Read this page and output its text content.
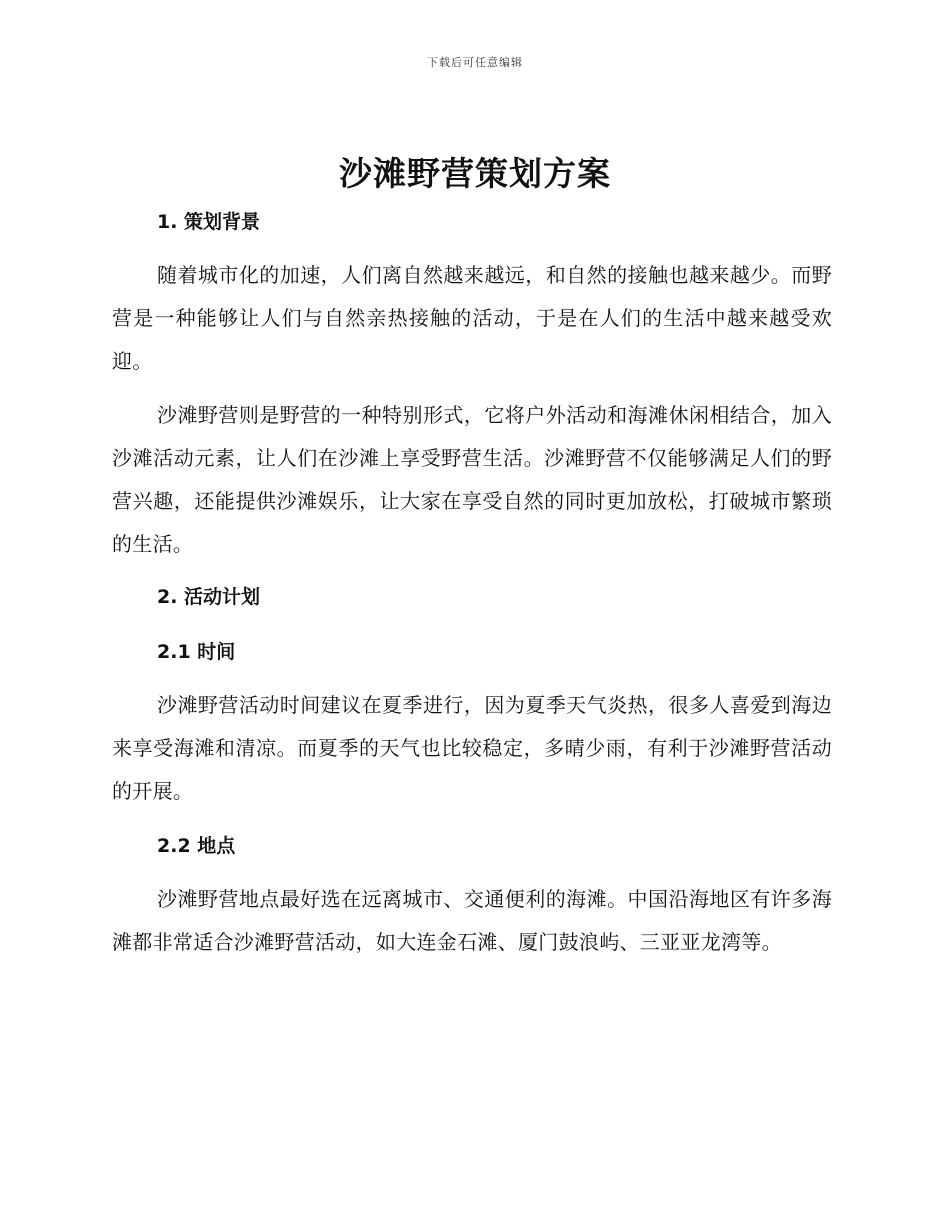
下载后可任意编辑
沙滩野营策划方案
1. 策划背景

随着城市化的加速，人们离自然越来越远，和自然的接触也越来越少。而野营是一种能够让人们与自然亲热接触的活动，于是在人们的生活中越来越受欢迎。

沙滩野营则是野营的一种特别形式，它将户外活动和海滩休闲相结合，加入沙滩活动元素，让人们在沙滩上享受野营生活。沙滩野营不仅能够满足人们的野营兴趣，还能提供沙滩娱乐，让大家在享受自然的同时更加放松，打破城市繁琐的生活。

2. 活动计划
2.1 时间

沙滩野营活动时间建议在夏季进行，因为夏季天气炎热，很多人喜爱到海边来享受海滩和清凉。而夏季的天气也比较稳定，多晴少雨，有利于沙滩野营活动的开展。

2.2 地点

沙滩野营地点最好选在远离城市、交通便利的海滩。中国沿海地区有许多海滩都非常适合沙滩野营活动，如大连金石滩、厦门鼓浪屿、三亚亚龙湾等。
